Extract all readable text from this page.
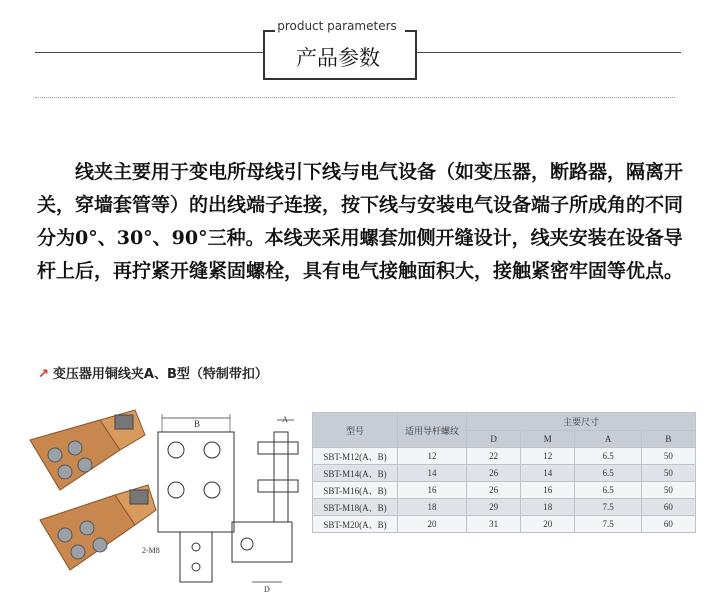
product parameters
产品参数
线夹主要用于变电所母线引下线与电气设备（如变压器，断路器，隔离开关，穿墙套管等）的出线端子连接，按下线与安装电气设备端子所成角的不同分为0°、30°、90°三种。本线夹采用螺套加侧开缝设计，线夹安装在设备导杆上后，再拧紧开缝紧固螺栓，具有电气接触面积大，接触紧密牢固等优点。
↗ 变压器用铜线夹A、B型（特制带扣）
B
2-M8
A
D
型号	适用导杆螺纹	主要尺寸			
		D	M	A	B
SBT-M12(A、B)	12	22	12	6.5	50
SBT-M14(A、B)	14	26	14	6.5	50
SBT-M16(A、B)	16	26	16	6.5	50
SBT-M18(A、B)	18	29	18	7.5	60
SBT-M20(A、B)	20	31	20	7.5	60
